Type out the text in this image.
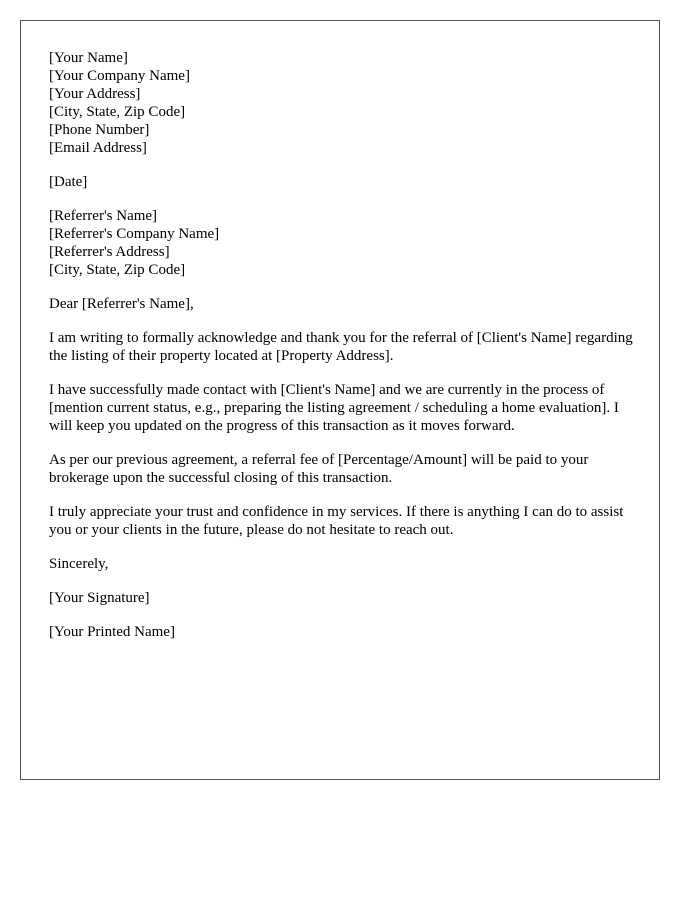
[Your Name]
[Your Company Name]
[Your Address]
[City, State, Zip Code]
[Phone Number]
[Email Address]
[Date]
[Referrer's Name]
[Referrer's Company Name]
[Referrer's Address]
[City, State, Zip Code]

Dear [Referrer's Name],

I am writing to formally acknowledge and thank you for the referral of [Client's Name] regarding the listing of their property located at [Property Address].

I have successfully made contact with [Client's Name] and we are currently in the process of [mention current status, e.g., preparing the listing agreement / scheduling a home evaluation]. I will keep you updated on the progress of this transaction as it moves forward.

As per our previous agreement, a referral fee of [Percentage/Amount] will be paid to your brokerage upon the successful closing of this transaction.

I truly appreciate your trust and confidence in my services. If there is anything I can do to assist you or your clients in the future, please do not hesitate to reach out.

Sincerely,

[Your Signature]

[Your Printed Name]
